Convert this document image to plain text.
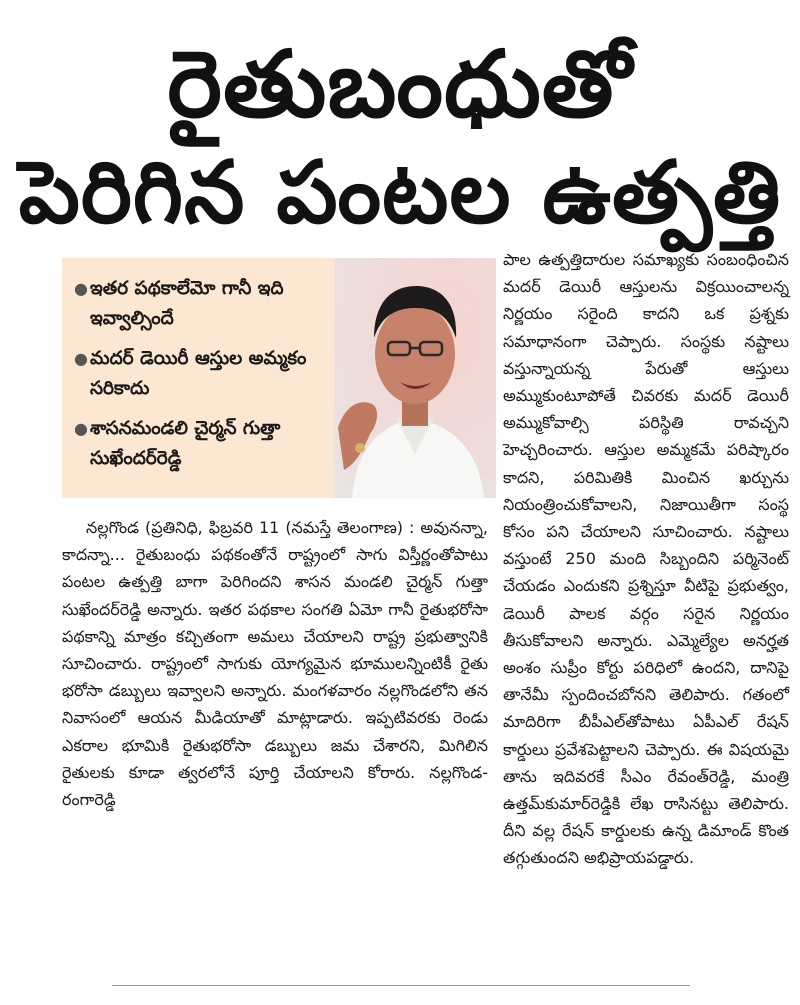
రైతుబంధుతో
పెరిగిన పంటల ఉత్పత్తి
● ఇతర పథకాలేమో గానీ ఇది ఇవ్వాల్సిందే
● మదర్ డెయిరీ ఆస్తుల అమ్మకం సరికాదు
● శాసనమండలి చైర్మన్ గుత్తా సుఖేందర్‌రెడ్డి

పాల ఉత్పత్తిదారుల సమాఖ్యకు సంబంధించిన మదర్ డెయిరీ ఆస్తులను విక్రయించాలన్న నిర్ణయం సరైంది కాదని ఒక ప్రశ్నకు సమాధానంగా చెప్పారు. సంస్థకు నష్టాలు వస్తున్నాయన్న పేరుతో ఆస్తులు అమ్ముకుంటూపోతే చివరకు మదర్ డెయిరీ అమ్ముకోవాల్సి పరిస్థితి రావచ్చని హెచ్చరించారు. ఆస్తుల అమ్మకమే పరిష్కారం కాదని, పరిమితికి మించిన ఖర్చును నియంత్రించుకోవాలని, నిజాయితీగా సంస్థ కోసం పని చేయాలని సూచించారు. నష్టాలు వస్తుంటే 250 మంది సిబ్బందిని పర్మినెంట్ చేయడం ఎందుకని ప్రశ్నిస్తూ వీటిపై ప్రభుత్వం, డెయిరీ పాలక వర్గం సరైన నిర్ణయం తీసుకోవాలని అన్నారు. ఎమ్మెల్యేల అనర్హత అంశం సుప్రీం కోర్టు పరిధిలో ఉందని, దానిపై తానేమీ స్పందించబోనని తెలిపారు. గతంలో మాదిరిగా బీపీఎల్‌తోపాటు ఏపీఎల్ రేషన్ కార్డులు ప్రవేశపెట్టాలని చెప్పారు. ఈ విషయమై తాను ఇదివరకే సీఎం రేవంత్‌రెడ్డి, మంత్రి ఉత్తమ్‌కుమార్‌రెడ్డికి లేఖ రాసినట్టు తెలిపారు. దీని వల్ల రేషన్ కార్డులకు ఉన్న డిమాండ్ కొంత తగ్గుతుందని అభిప్రాయపడ్డారు.

నల్లగొండ (ప్రతినిధి, ఫిబ్రవరి 11 (నమస్తే తెలంగాణ) : అవునన్నా, కాదన్నా... రైతుబంధు పథకంతోనే రాష్ట్రంలో సాగు విస్తీర్ణంతోపాటు పంటల ఉత్పత్తి బాగా పెరిగిందని శాసన మండలి చైర్మన్ గుత్తా సుఖేందర్‌రెడ్డి అన్నారు. ఇతర పథకాల సంగతి ఏమో గానీ రైతుభరోసా పథకాన్ని మాత్రం కచ్చితంగా అమలు చేయాలని రాష్ట్ర ప్రభుత్వానికి సూచించారు. రాష్ట్రంలో సాగుకు యోగ్యమైన భూములన్నింటికీ రైతు భరోసా డబ్బులు ఇవ్వాలని అన్నారు. మంగళవారం నల్లగొండలోని తన నివాసంలో ఆయన మీడియాతో మాట్లాడారు. ఇప్పటివరకు రెండు ఎకరాల భూమికి రైతుభరోసా డబ్బులు జమ చేశారని, మిగిలిన రైతులకు కూడా త్వరలోనే పూర్తి చేయాలని కోరారు. నల్లగొండ-రంగారెడ్డి
